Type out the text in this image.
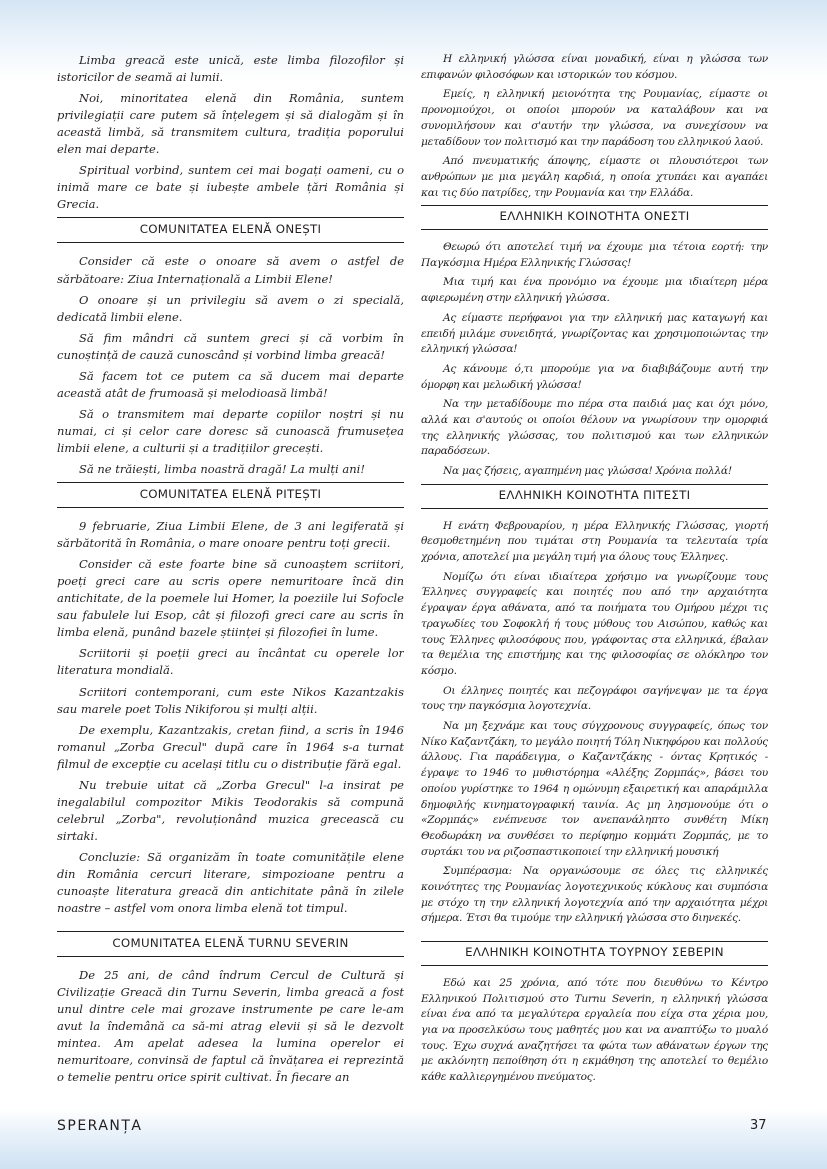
Limba greacă este unică, este limba filozofilor și istoricilor de seamă ai lumii.

Noi, minoritatea elenă din România, suntem privilegiații care putem să înțelegem și să dialogăm și în această limbă, să transmitem cultura, tradiția poporului elen mai departe.

Spiritual vorbind, suntem cei mai bogați oameni, cu o inimă mare ce bate și iubește ambele țări România și Grecia.

COMUNITATEA ELENĂ ONEȘTI

Consider că este o onoare să avem o astfel de sărbătoare: Ziua Internațională a Limbii Elene!

O onoare și un privilegiu să avem o zi specială, dedicată limbii elene.

Să fim mândri că suntem greci și că vorbim în cunoștință de cauză cunoscând și vorbind limba greacă!

Să facem tot ce putem ca să ducem mai departe această atât de frumoasă și melodioasă limbă!

Să o transmitem mai departe copiilor noștri și nu numai, ci și celor care doresc să cunoască frumusețea limbii elene, a culturii și a tradițiilor grecești.

Să ne trăiești, limba noastră dragă! La mulți ani!

COMUNITATEA ELENĂ PITEȘTI

9 februarie, Ziua Limbii Elene, de 3 ani legiferată și sărbătorită în România, o mare onoare pentru toți grecii.

Consider că este foarte bine să cunoaștem scriitori, poeți greci care au scris opere nemuritoare încă din antichitate, de la poemele lui Homer, la poeziile lui Sofocle sau fabulele lui Esop, cât și filozofi greci care au scris în limba elenă, punând bazele științei și filozofiei în lume.

Scriitorii și poeții greci au încântat cu operele lor literatura mondială.

Scriitori contemporani, cum este Nikos Kazantzakis sau marele poet Tolis Nikiforou și mulți alții.

De exemplu, Kazantzakis, cretan fiind, a scris în 1946 romanul „Zorba Grecul" după care în 1964 s-a turnat filmul de excepție cu același titlu cu o distribuție fără egal.

Nu trebuie uitat că „Zorba Grecul" l-a insirat pe inegalabilul compozitor Mikis Teodorakis să compună celebrul „Zorba", revoluționând muzica grecească cu sirtaki.

Concluzie: Să organizăm în toate comunitățile elene din România cercuri literare, simpozioane pentru a cunoaște literatura greacă din antichitate până în zilele noastre – astfel vom onora limba elenă tot timpul.

COMUNITATEA ELENĂ TURNU SEVERIN

De 25 ani, de când îndrum Cercul de Cultură și Civilizație Greacă din Turnu Severin, limba greacă a fost unul dintre cele mai grozave instrumente pe care le-am avut la îndemână ca să-mi atrag elevii și să le dezvolt mintea. Am apelat adesea la lumina operelor ei nemuritoare, convinsă de faptul că învățarea ei reprezintă o temelie pentru orice spirit cultivat. În fiecare an

Η ελληνική γλώσσα είναι μοναδική, είναι η γλώσσα των επιφανών φιλοσόφων και ιστορικών του κόσμου.

Εμείς, η ελληνική μειονότητα της Ρουμανίας, είμαστε οι προνομιούχοι, οι οποίοι μπορούν να καταλάβουν και να συνομιλήσουν και σ'αυτήν την γλώσσα, να συνεχίσουν να μεταδίδουν τον πολιτισμό και την παράδοση του ελληνικού λαού.

Από πνευματικής άποψης, είμαστε οι πλουσιότεροι των ανθρώπων με μια μεγάλη καρδιά, η οποία χτυπάει και αγαπάει και τις δύο πατρίδες, την Ρουμανία και την Ελλάδα.

ΕΛΛΗΝΙΚΗ ΚΟΙΝΟΤΗΤΑ ΟΝΕΣΤΙ

Θεωρώ ότι αποτελεί τιμή να έχουμε μια τέτοια εορτή: την Παγκόσμια Ημέρα Ελληνικής Γλώσσας!

Μια τιμή και ένα προνόμιο να έχουμε μια ιδιαίτερη μέρα αφιερωμένη στην ελληνική γλώσσα.

Ας είμαστε περήφανοι για την ελληνική μας καταγωγή και επειδή μιλάμε συνειδητά, γνωρίζοντας και χρησιμοποιώντας την ελληνική γλώσσα!

Ας κάνουμε ό,τι μπορούμε για να διαβιβάζουμε αυτή την όμορφη και μελωδική γλώσσα!

Να την μεταδίδουμε πιο πέρα στα παιδιά μας και όχι μόνο, αλλά και σ'αυτούς οι οποίοι θέλουν να γνωρίσουν την ομορφιά της ελληνικής γλώσσας, του πολιτισμού και των ελληνικών παραδόσεων.

Να μας ζήσεις, αγαπημένη μας γλώσσα! Χρόνια πολλά!

ΕΛΛΗΝΙΚΗ ΚΟΙΝΟΤΗΤΑ ΠΙΤΕΣΤΙ

Η ενάτη Φεβρουαρίου, η μέρα Ελληνικής Γλώσσας, γιορτή θεσμοθετημένη που τιμάται στη Ρουμανία τα τελευταία τρία χρόνια, αποτελεί μια μεγάλη τιμή για όλους τους Έλληνες.

Νομίζω ότι είναι ιδιαίτερα χρήσιμο να γνωρίζουμε τους Έλληνες συγγραφείς και ποιητές που από την αρχαιότητα έγραψαν έργα αθάνατα, από τα ποιήματα του Ομήρου μέχρι τις τραγωδίες του Σοφοκλή ή τους μύθους του Αισώπου, καθώς και τους Έλληνες φιλοσόφους που, γράφοντας στα ελληνικά, έβαλαν τα θεμέλια της επιστήμης και της φιλοσοφίας σε ολόκληρο τον κόσμο.

Οι έλληνες ποιητές και πεζογράφοι σαγήνεψαν με τα έργα τους την παγκόσμια λογοτεχνία.

Να μη ξεχνάμε και τους σύγχρονους συγγραφείς, όπως τον Νίκο Καζαντζάκη, το μεγάλο ποιητή Τόλη Νικηφόρου και πολλούς άλλους. Για παράδειγμα, ο Καζαντζάκης - όντας Κρητικός - έγραψε το 1946 το μυθιστόρημα «Αλέξης Ζορμπάς», βάσει του οποίου γυρίστηκε το 1964 η ομώνυμη εξαιρετική και απαράμιλλα δημοφιλής κινηματογραφική ταινία. Ας μη λησμονούμε ότι ο «Ζορμπάς» ενέπνευσε τον ανεπανάληπτο συνθέτη Μίκη Θεοδωράκη να συνθέσει το περίφημο κομμάτι Ζορμπάς, με το συρτάκι του να ριζοσπαστικοποιεί την ελληνική μουσική

Συμπέρασμα: Να οργανώσουμε σε όλες τις ελληνικές κοινότητες της Ρουμανίας λογοτεχνικούς κύκλους και συμπόσια με στόχο τη την ελληνική λογοτεχνία από την αρχαιότητα μέχρι σήμερα. Έτσι θα τιμούμε την ελληνική γλώσσα στο διηνεκές.

ΕΛΛΗΝΙΚΗ ΚΟΙΝΟΤΗΤΑ ΤΟΥΡΝΟΥ ΣΕΒΕΡΙΝ

Εδώ και 25 χρόνια, από τότε που διευθύνω το Κέντρο Ελληνικού Πολιτισμού στο Turnu Severin, η ελληνική γλώσσα είναι ένα από τα μεγαλύτερα εργαλεία που είχα στα χέρια μου, για να προσελκύσω τους μαθητές μου και να αναπτύξω το μυαλό τους. Έχω συχνά αναζητήσει τα φώτα των αθάνατων έργων της με ακλόνητη πεποίθηση ότι η εκμάθηση της αποτελεί το θεμέλιο κάθε καλλιεργημένου πνεύματος.

SPERANȚA	37
